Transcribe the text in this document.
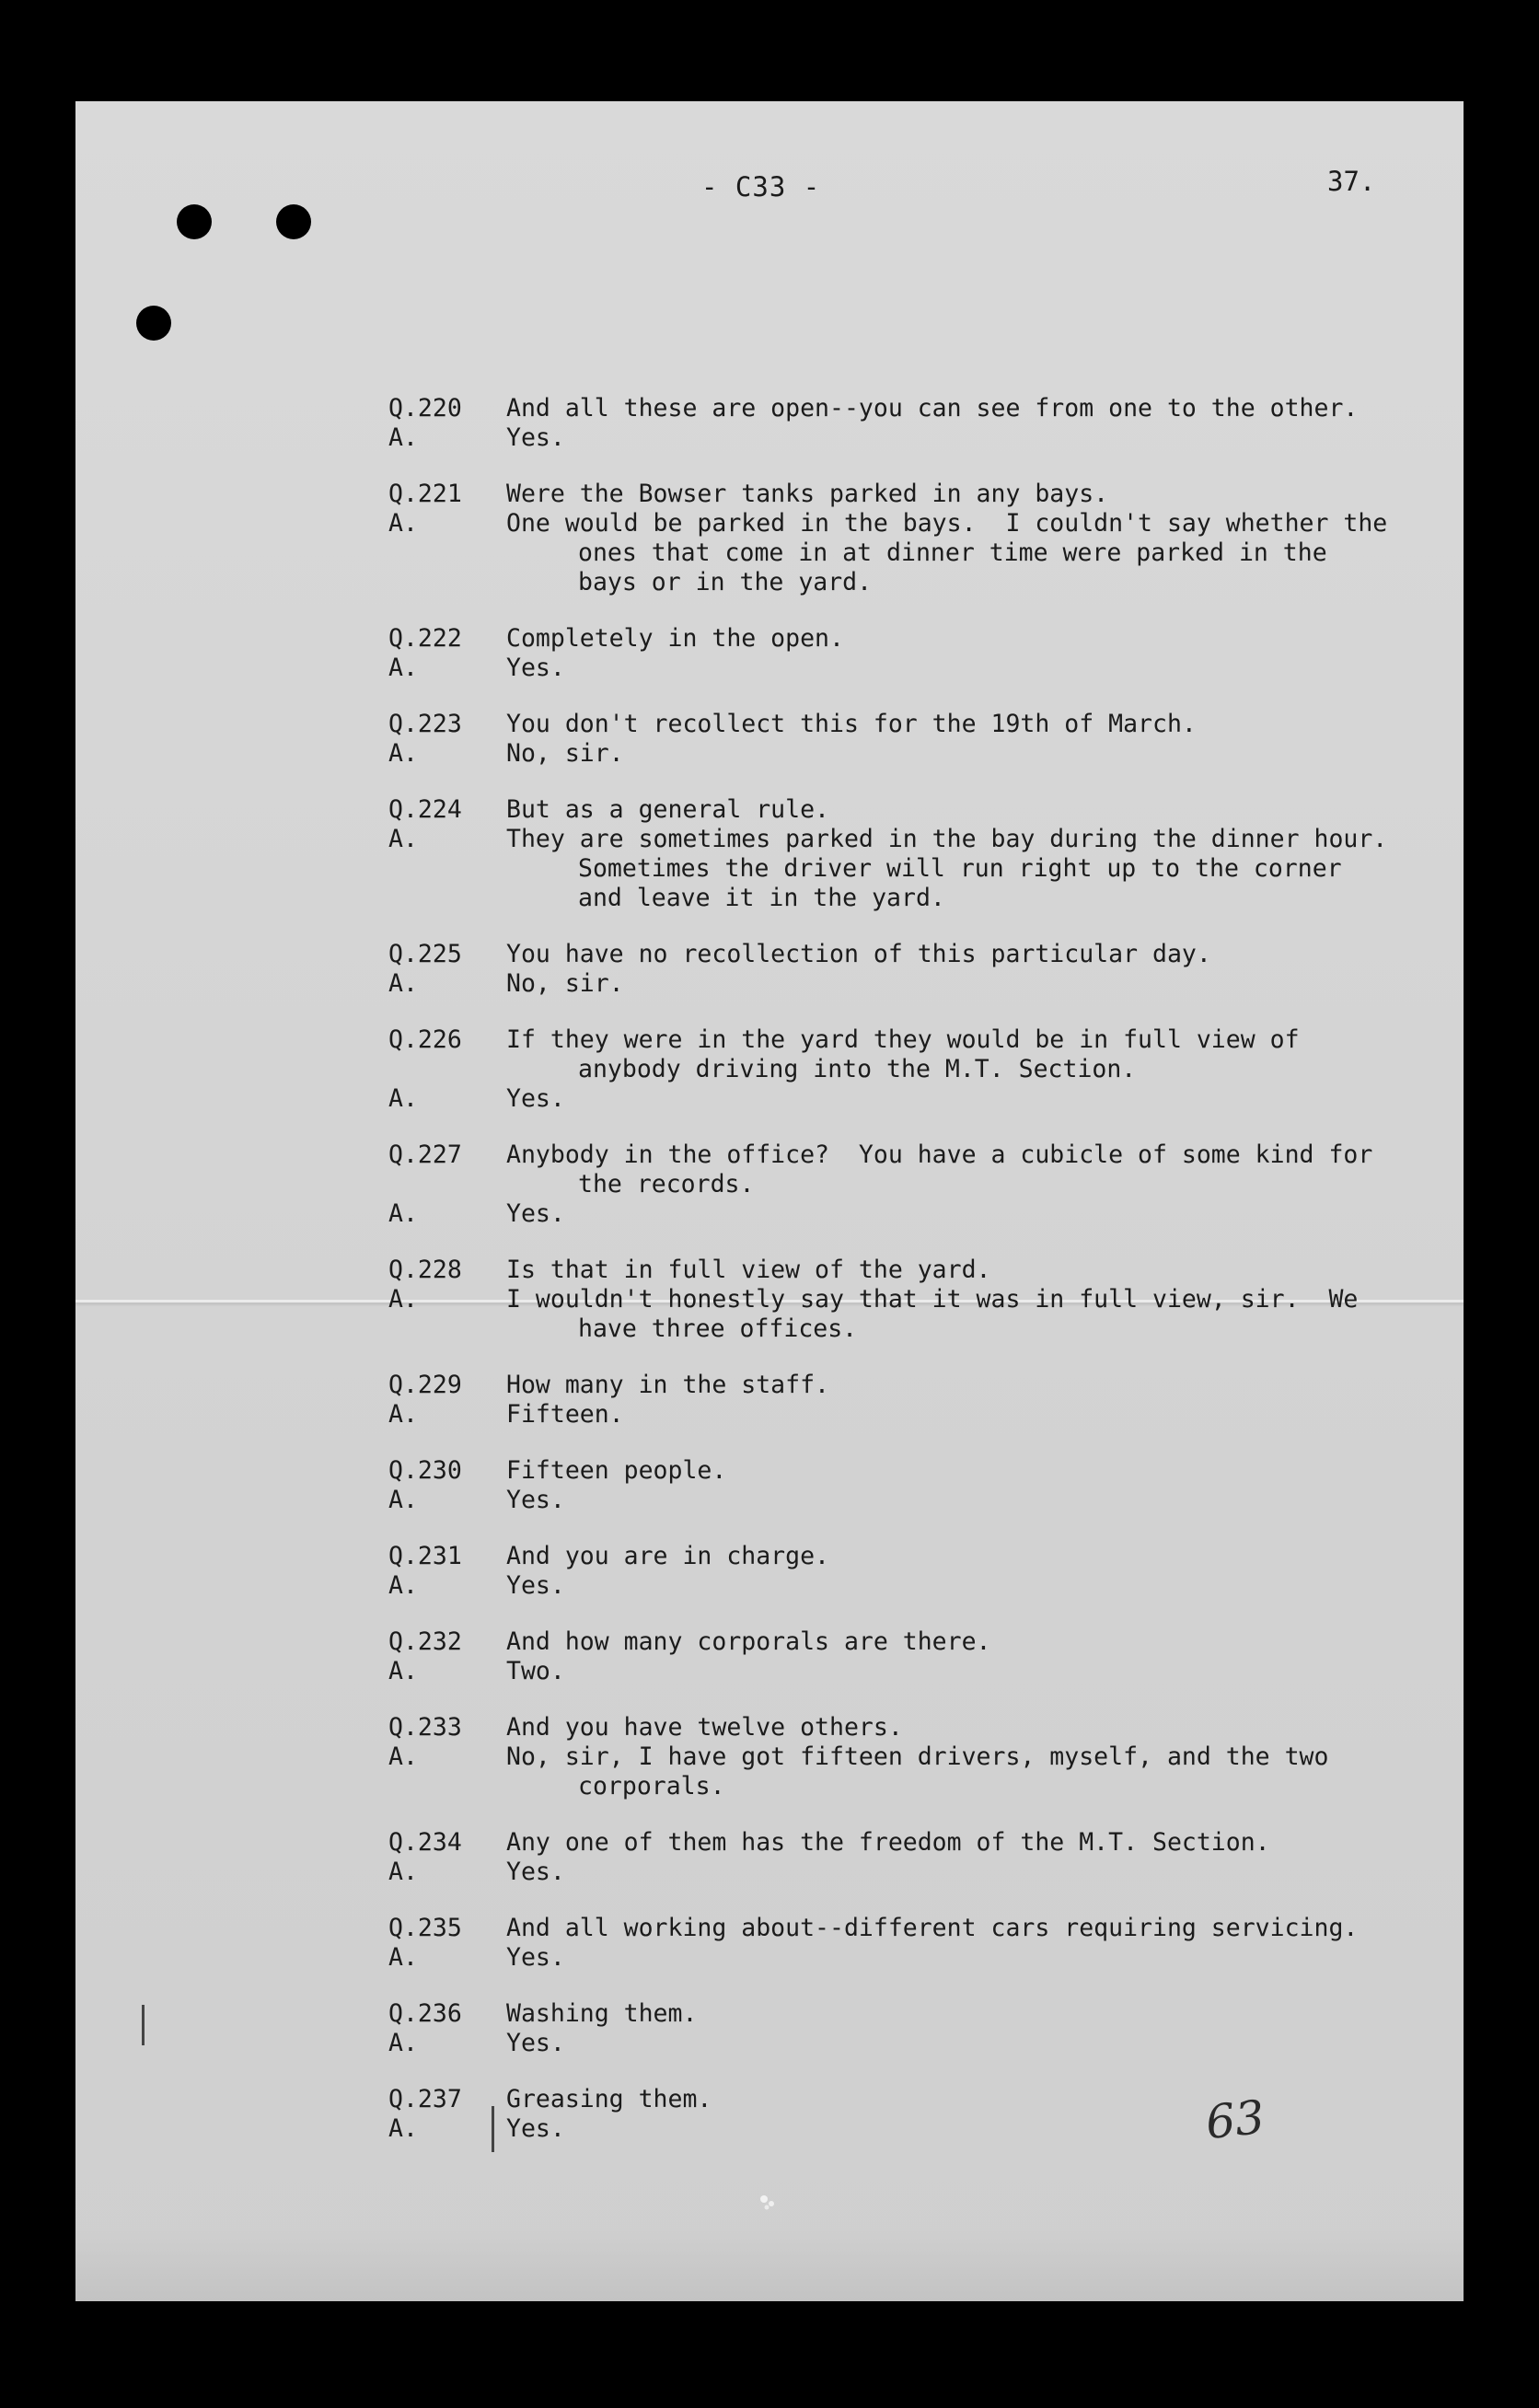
- C33 -	37.
Q.220	And all these are open--you can see from one to the other.
A.	Yes.
Q.221	Were the Bowser tanks parked in any bays.
A.	One would be parked in the bays.  I couldn't say whether the
ones that come in at dinner time were parked in the
bays or in the yard.
Q.222	Completely in the open.
A.	Yes.
Q.223	You don't recollect this for the 19th of March.
A.	No, sir.
Q.224	But as a general rule.
A.	They are sometimes parked in the bay during the dinner hour.
Sometimes the driver will run right up to the corner
and leave it in the yard.
Q.225	You have no recollection of this particular day.
A.	No, sir.
Q.226	If they were in the yard they would be in full view of
anybody driving into the M.T. Section.
A.	Yes.
Q.227	Anybody in the office?  You have a cubicle of some kind for
the records.
A.	Yes.
Q.228	Is that in full view of the yard.
A.	I wouldn't honestly say that it was in full view, sir.  We
have three offices.
Q.229	How many in the staff.
A.	Fifteen.
Q.230	Fifteen people.
A.	Yes.
Q.231	And you are in charge.
A.	Yes.
Q.232	And how many corporals are there.
A.	Two.
Q.233	And you have twelve others.
A.	No, sir, I have got fifteen drivers, myself, and the two
corporals.
Q.234	Any one of them has the freedom of the M.T. Section.
A.	Yes.
Q.235	And all working about--different cars requiring servicing.
A.	Yes.
Q.236	Washing them.
A.	Yes.
Q.237	Greasing them.
A.	Yes.	63
